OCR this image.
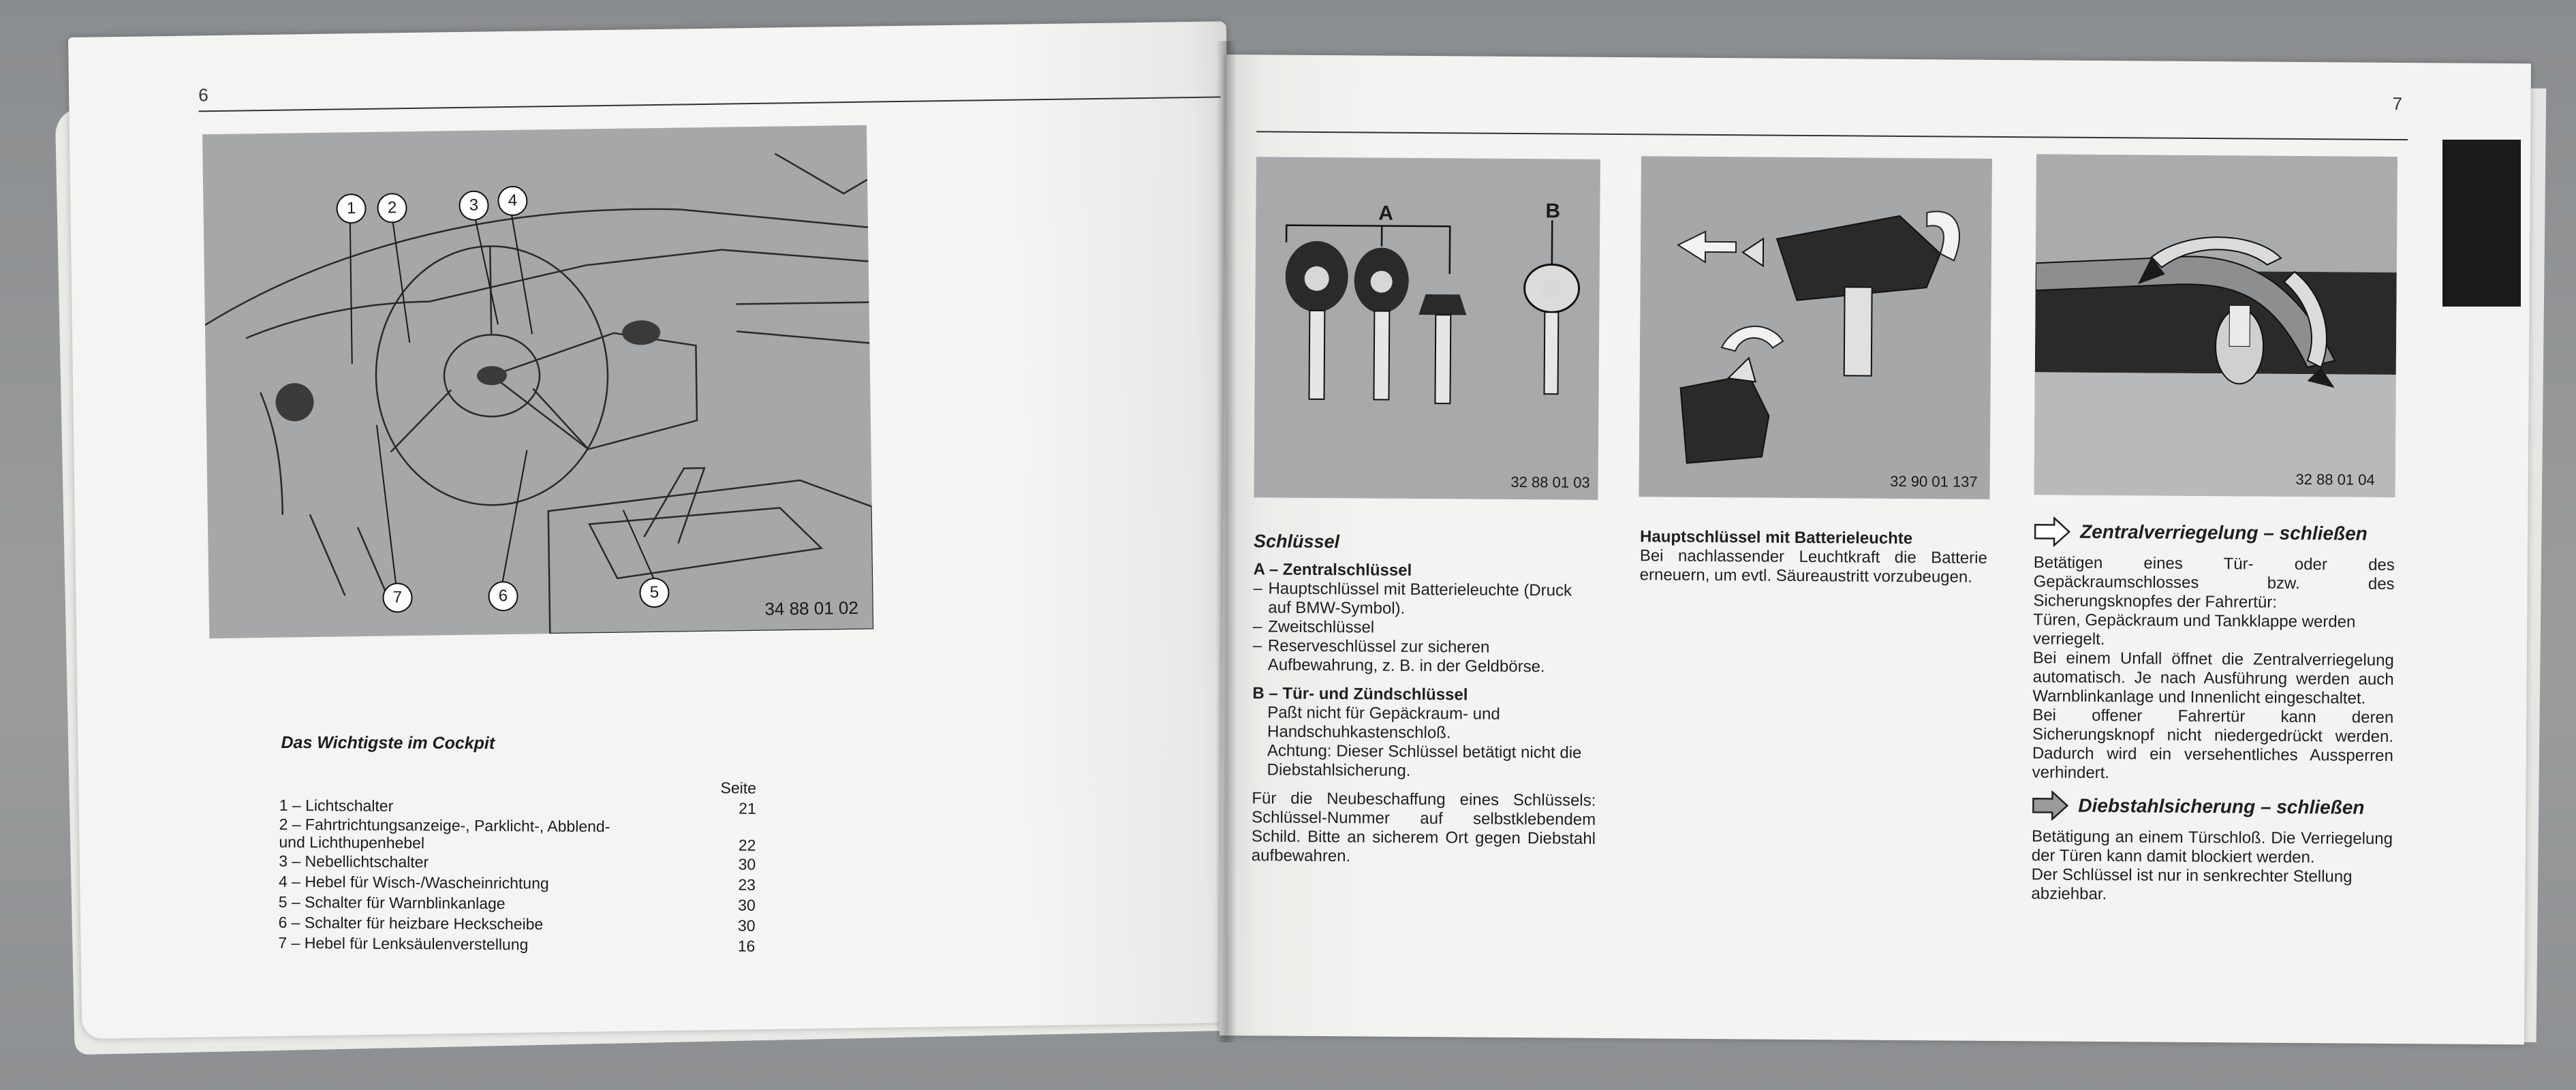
6
1	2	3	4
5
6
7
34 88 01 02
Das Wichtigste im Cockpit
Seite
1 – Lichtschalter	21
2 – Fahrtrichtungsanzeige-, Parklicht-, Abblend- und Lichthupenhebel	22
3 – Nebellichtschalter	30
4 – Hebel für Wisch-/Wascheinrichtung	23
5 – Schalter für Warnblinkanlage	30
6 – Schalter für heizbare Heckscheibe	30
7 – Hebel für Lenksäulenverstellung	16
7
A	B
32 88 01 03	32 90 01 137	32 88 01 04

Schlüssel

A – Zentralschlüssel

– Hauptschlüssel mit Batterieleuchte (Druck auf BMW-Symbol).
– Zweitschlüssel
– Reserveschlüssel zur sicheren Aufbewahrung, z. B. in der Geldbörse.

B – Tür- und Zündschlüssel

Paßt nicht für Gepäckraum- und Handschuhkastenschloß.

Achtung: Dieser Schlüssel betätigt nicht die Diebstahlsicherung.

Für die Neubeschaffung eines Schlüssels: Schlüssel-Nummer auf selbstklebendem Schild. Bitte an sicherem Ort gegen Diebstahl aufbewahren.

Hauptschlüssel mit Batterieleuchte

Bei nachlassender Leuchtkraft die Batterie erneuern, um evtl. Säureaustritt vorzubeugen.

Zentralverriegelung – schließen

Betätigen eines Tür- oder des Gepäckraumschlosses bzw. des Sicherungsknopfes der Fahrertür:

Türen, Gepäckraum und Tankklappe werden verriegelt.

Bei einem Unfall öffnet die Zentralverriegelung automatisch. Je nach Ausführung werden auch Warnblinkanlage und Innenlicht eingeschaltet.

Bei offener Fahrertür kann deren Sicherungsknopf nicht niedergedrückt werden. Dadurch wird ein versehentliches Aussperren verhindert.

Diebstahlsicherung – schließen

Betätigung an einem Türschloß. Die Verriegelung der Türen kann damit blockiert werden.

Der Schlüssel ist nur in senkrechter Stellung abziehbar.
